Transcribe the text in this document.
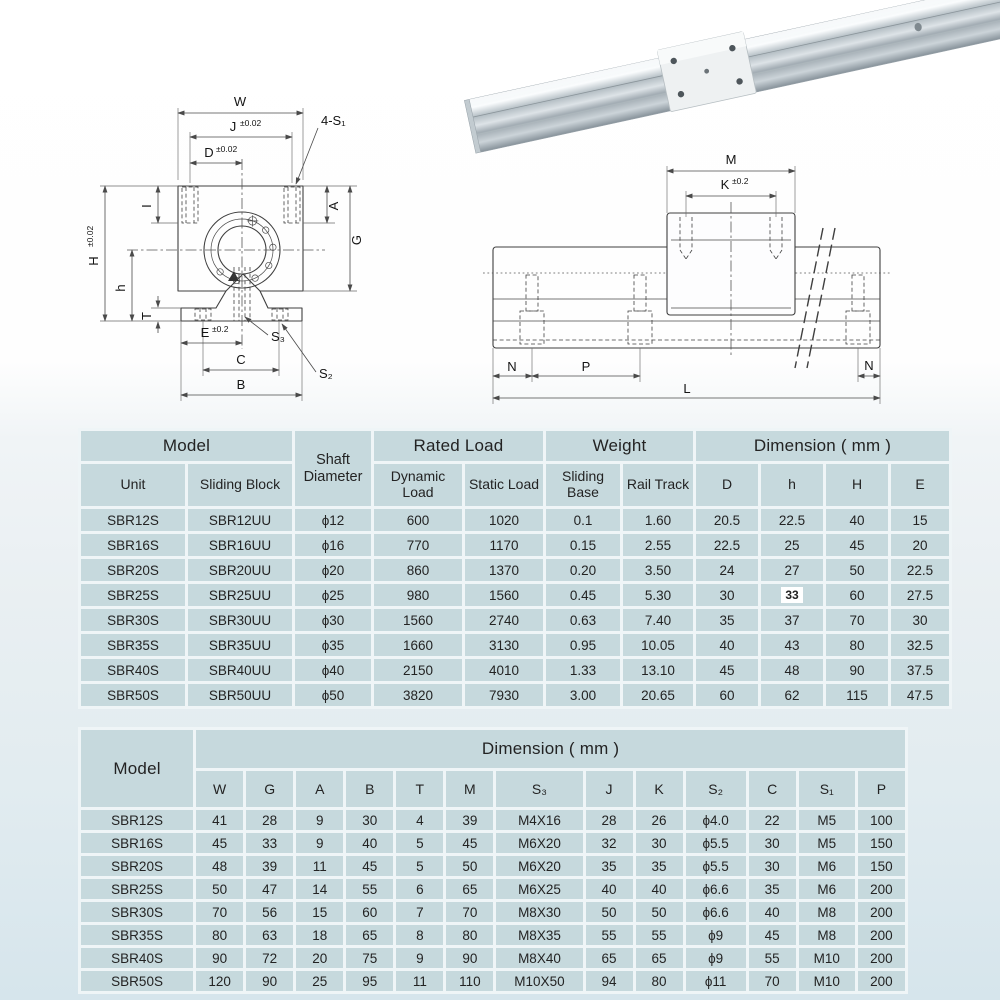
W
J ±0.02
D ±0.02
4-S₁
H
±0.02
h
I
T
A
G
E ±0.2	S₃
S₂
C
B
M
K ±0.2
N	P	N
L
Model		Shaft Diameter	Rated Load		Weight		Dimension ( mm )			
Unit	Sliding Block		Dynamic Load	Static Load	Sliding Base	Rail Track	D	h	H	E
SBR12S	SBR12UU	ϕ12	600	1020	0.1	1.60	20.5	22.5	40	15
SBR16S	SBR16UU	ϕ16	770	1170	0.15	2.55	22.5	25	45	20
SBR20S	SBR20UU	ϕ20	860	1370	0.20	3.50	24	27	50	22.5
SBR25S	SBR25UU	ϕ25	980	1560	0.45	5.30	30	33	60	27.5
SBR30S	SBR30UU	ϕ30	1560	2740	0.63	7.40	35	37	70	30
SBR35S	SBR35UU	ϕ35	1660	3130	0.95	10.05	40	43	80	32.5
SBR40S	SBR40UU	ϕ40	2150	4010	1.33	13.10	45	48	90	37.5
SBR50S	SBR50UU	ϕ50	3820	7930	3.00	20.65	60	62	115	47.5
Model	Dimension ( mm )												
	W	G	A	B	T	M	S₃	J	K	S₂	C	S₁	P
SBR12S	41	28	9	30	4	39	M4X16	28	26	ϕ4.0	22	M5	100
SBR16S	45	33	9	40	5	45	M6X20	32	30	ϕ5.5	30	M5	150
SBR20S	48	39	11	45	5	50	M6X20	35	35	ϕ5.5	30	M6	150
SBR25S	50	47	14	55	6	65	M6X25	40	40	ϕ6.6	35	M6	200
SBR30S	70	56	15	60	7	70	M8X30	50	50	ϕ6.6	40	M8	200
SBR35S	80	63	18	65	8	80	M8X35	55	55	ϕ9	45	M8	200
SBR40S	90	72	20	75	9	90	M8X40	65	65	ϕ9	55	M10	200
SBR50S	120	90	25	95	11	110	M10X50	94	80	ϕ11	70	M10	200
